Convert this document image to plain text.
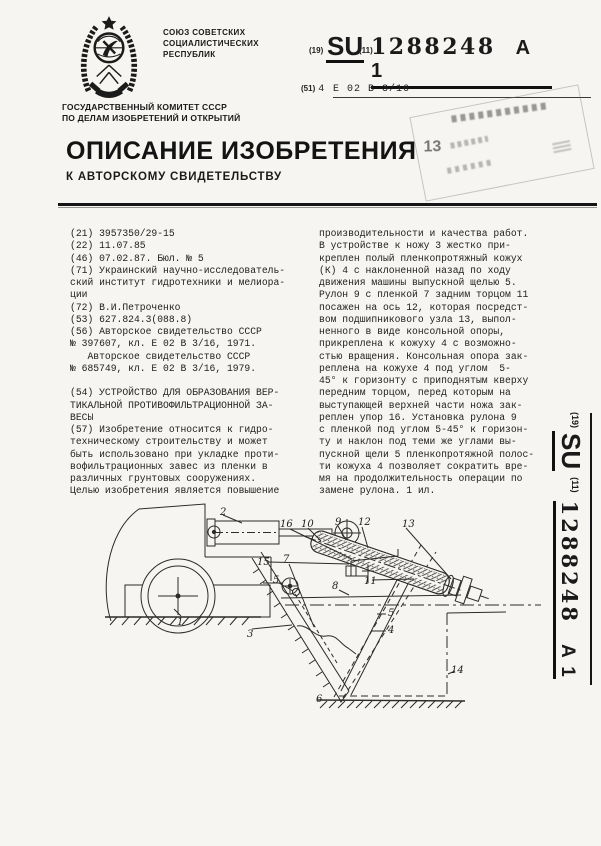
СОЮЗ СОВЕТСКИХ
СОЦИАЛИСТИЧЕСКИХ
РЕСПУБЛИК
ГОСУДАРСТВЕННЫЙ КОМИТЕТ СССР
ПО ДЕЛАМ ИЗОБРЕТЕНИЙ И ОТКРЫТИЙ
(19) SU
(11)
1288248 A 1
(51) 4 E 02 B 3/16
13
ОПИСАНИЕ ИЗОБРЕТЕНИЯ
К АВТОРСКОМУ СВИДЕТЕЛЬСТВУ
(21) 3957350/29-15
(22) 11.07.85
(46) 07.02.87. Бюл. № 5
(71) Украинский научно-исследователь-
ский институт гидротехники и мелиора-
ции
(72) В.И.Петроченко
(53) 627.824.3(088.8)
(56) Авторское свидетельство СССР
№ 397607, кл. Е 02 В 3/16, 1971.
Авторское свидетельство СССР
№ 685749, кл. Е 02 В 3/16, 1979.

(54) УСТРОЙСТВО ДЛЯ ОБРАЗОВАНИЯ ВЕР-
ТИКАЛЬНОЙ ПРОТИВОФИЛЬТРАЦИОННОЙ ЗА-
ВЕСЫ
(57) Изобретение относится к гидро-
техническому строительству и может
быть использовано при укладке проти-
вофильтрационных завес из пленки в
различных грунтовых сооружениях.
Целью изобретения является повышение
производительности и качества работ.
В устройстве к ножу 3 жестко при-
креплен полый пленкопротяжный кожух
(К) 4 с наклоненной назад по ходу
движения машины выпускной щелью 5.
Рулон 9 с пленкой 7 задним торцом 11
посажен на ось 12, которая посредст-
вом подшипникового узла 13, выпол-
ненного в виде консольной опоры,
прикреплена к кожуху 4 с возможно-
стью вращения. Консольная опора зак-
реплена на кожухе 4 под углом  5-
45° к горизонту с приподнятым кверху
передним торцом, перед которым на
выступающей верхней части ножа зак-
реплен упор 16. Установка рулона 9
с пленкой под углом 5-45° к горизон-
ту и наклон под теми же углами вы-
пускной щели 5 пленкопротяжной полос-
ти кожуха 4 позволяет сократить вре-
мя на продолжительность операции по
замене рулона. 1 ил.
2
1
3
16 10 9 12	13
15 7
5
8	11
5
4
14
6
$^{(19)}$SU$^{(11)}$1288248A 1
